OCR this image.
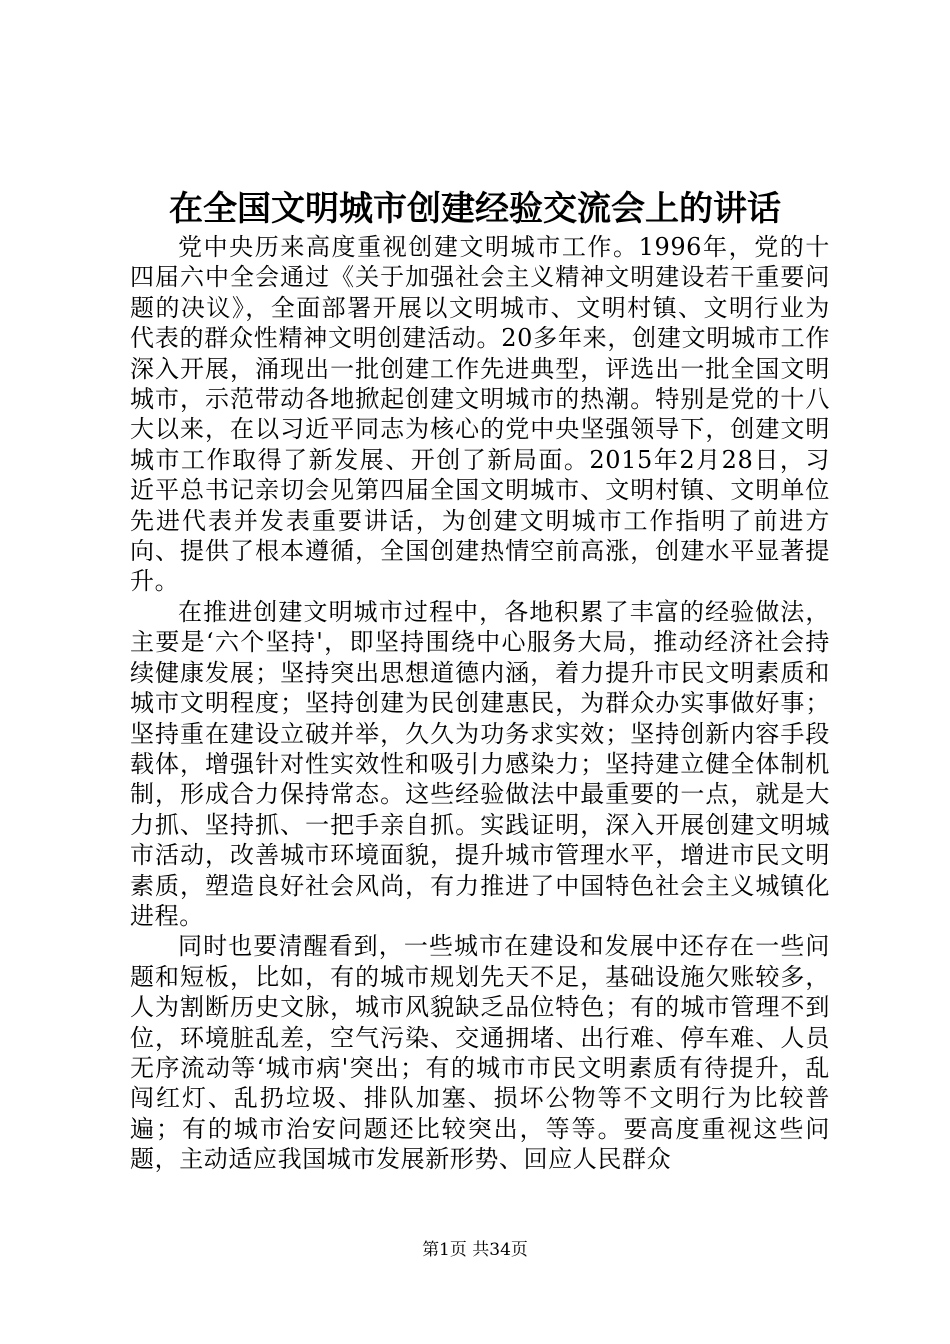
在全国文明城市创建经验交流会上的讲话

党中央历来高度重视创建文明城市工作。1996年，党的十四届六中全会通过《关于加强社会主义精神文明建设若干重要问题的决议》，全面部署开展以文明城市、文明村镇、文明行业为代表的群众性精神文明创建活动。20多年来，创建文明城市工作深入开展，涌现出一批创建工作先进典型，评选出一批全国文明城市，示范带动各地掀起创建文明城市的热潮。特别是党的十八大以来，在以习近平同志为核心的党中央坚强领导下，创建文明城市工作取得了新发展、开创了新局面。2015年2月28日，习近平总书记亲切会见第四届全国文明城市、文明村镇、文明单位先进代表并发表重要讲话，为创建文明城市工作指明了前进方向、提供了根本遵循，全国创建热情空前高涨，创建水平显著提升。

在推进创建文明城市过程中，各地积累了丰富的经验做法，主要是‘六个坚持'，即坚持围绕中心服务大局，推动经济社会持续健康发展；坚持突出思想道德内涵，着力提升市民文明素质和城市文明程度；坚持创建为民创建惠民，为群众办实事做好事；坚持重在建设立破并举，久久为功务求实效；坚持创新内容手段载体，增强针对性实效性和吸引力感染力；坚持建立健全体制机制，形成合力保持常态。这些经验做法中最重要的一点，就是大力抓、坚持抓、一把手亲自抓。实践证明，深入开展创建文明城市活动，改善城市环境面貌，提升城市管理水平，增进市民文明素质，塑造良好社会风尚，有力推进了中国特色社会主义城镇化进程。

同时也要清醒看到，一些城市在建设和发展中还存在一些问题和短板，比如，有的城市规划先天不足，基础设施欠账较多，人为割断历史文脉，城市风貌缺乏品位特色；有的城市管理不到位，环境脏乱差，空气污染、交通拥堵、出行难、停车难、人员无序流动等‘城市病'突出；有的城市市民文明素质有待提升，乱闯红灯、乱扔垃圾、排队加塞、损坏公物等不文明行为比较普遍；有的城市治安问题还比较突出，等等。要高度重视这些问题，主动适应我国城市发展新形势、回应人民群众

第1页 共34页
